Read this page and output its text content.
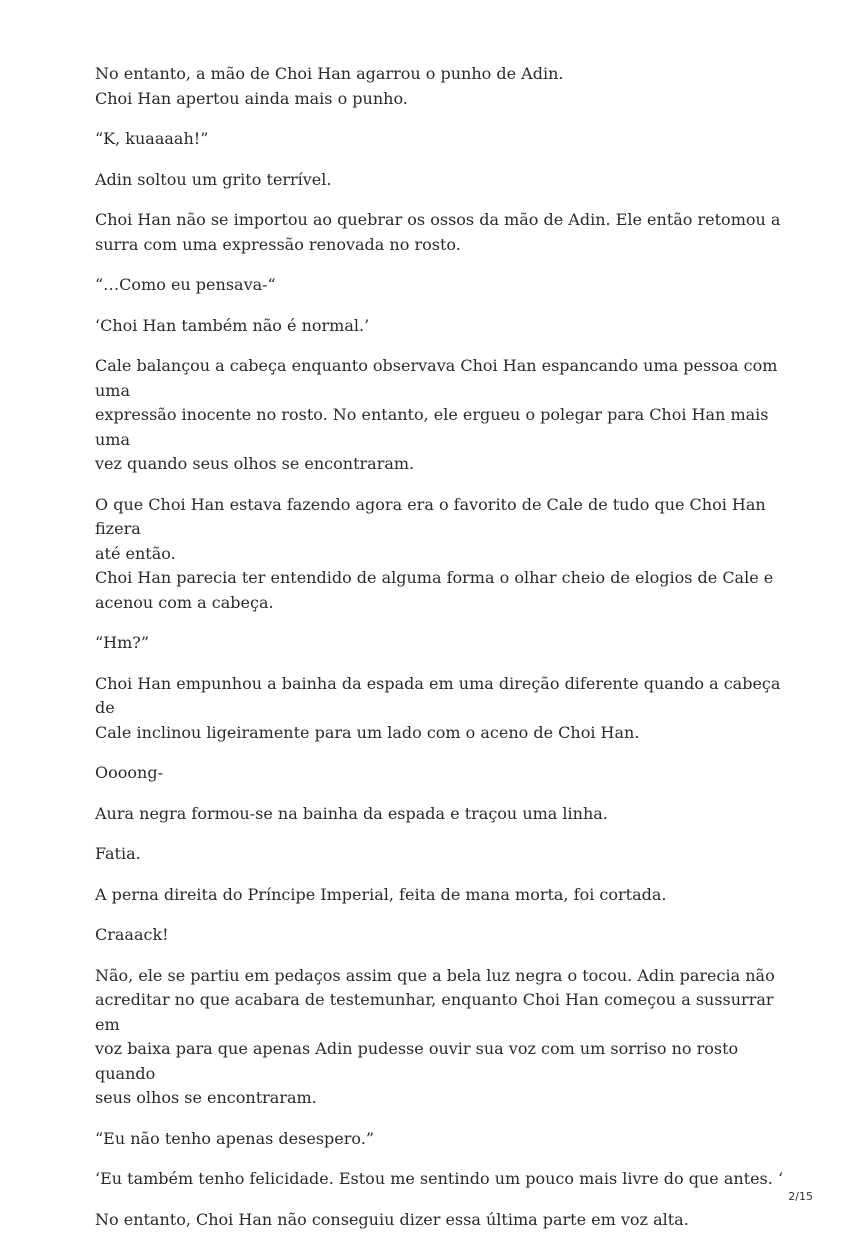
No entanto, a mão de Choi Han agarrou o punho de Adin.
Choi Han apertou ainda mais o punho.

“K, kuaaaah!”

Adin soltou um grito terrível.

Choi Han não se importou ao quebrar os ossos da mão de Adin. Ele então retomou a
surra com uma expressão renovada no rosto.

“…Como eu pensava-“

‘Choi Han também não é normal.’

Cale balançou a cabeça enquanto observava Choi Han espancando uma pessoa com uma
expressão inocente no rosto. No entanto, ele ergueu o polegar para Choi Han mais uma
vez quando seus olhos se encontraram.

O que Choi Han estava fazendo agora era o favorito de Cale de tudo que Choi Han fizera
até então.
Choi Han parecia ter entendido de alguma forma o olhar cheio de elogios de Cale e
acenou com a cabeça.

“Hm?”

Choi Han empunhou a bainha da espada em uma direção diferente quando a cabeça de
Cale inclinou ligeiramente para um lado com o aceno de Choi Han.

Oooong-

Aura negra formou-se na bainha da espada e traçou uma linha.

Fatia.

A perna direita do Príncipe Imperial, feita de mana morta, foi cortada.

Craaack!

Não, ele se partiu em pedaços assim que a bela luz negra o tocou. Adin parecia não
acreditar no que acabara de testemunhar, enquanto Choi Han começou a sussurrar em
voz baixa para que apenas Adin pudesse ouvir sua voz com um sorriso no rosto quando
seus olhos se encontraram.

“Eu não tenho apenas desespero.”

‘Eu também tenho felicidade. Estou me sentindo um pouco mais livre do que antes. ‘

No entanto, Choi Han não conseguiu dizer essa última parte em voz alta.

2/15
